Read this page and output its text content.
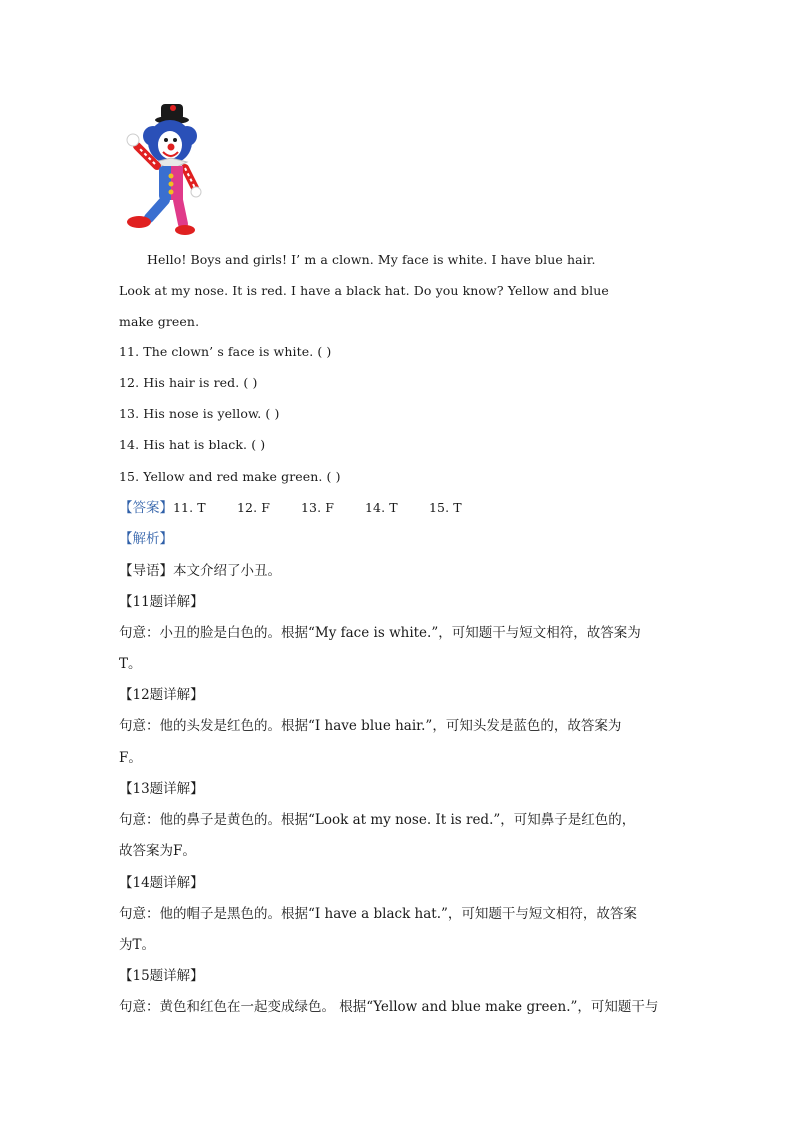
Hello! Boys and girls! I’ m a clown. My face is white. I have blue hair.
Look at my nose. It is red. I have a black hat. Do you know? Yellow and blue
make green.
11. The clown’ s face is white. ( )
12. His hair is red. ( )
13. His nose is yellow. ( )
14. His hat is black. ( )
15. Yellow and red make green. ( )
【答案】11. T	12. F 13. F 14. T	15. T
【解析】
【导语】本文介绍了小丑。
【11题详解】
句意：小丑的脸是白色的。根据“My face is white.”，可知题干与短文相符，故答案为
T。
【12题详解】
句意：他的头发是红色的。根据“I have blue hair.”，可知头发是蓝色的，故答案为
F。
【13题详解】
句意：他的鼻子是黄色的。根据“Look at my nose. It is red.”，可知鼻子是红色的，
故答案为F。
【14题详解】
句意：他的帽子是黑色的。根据“I have a black hat.”，可知题干与短文相符，故答案
为T。
【15题详解】
句意：黄色和红色在一起变成绿色。 根据“Yellow and blue make green.”，可知题干与
